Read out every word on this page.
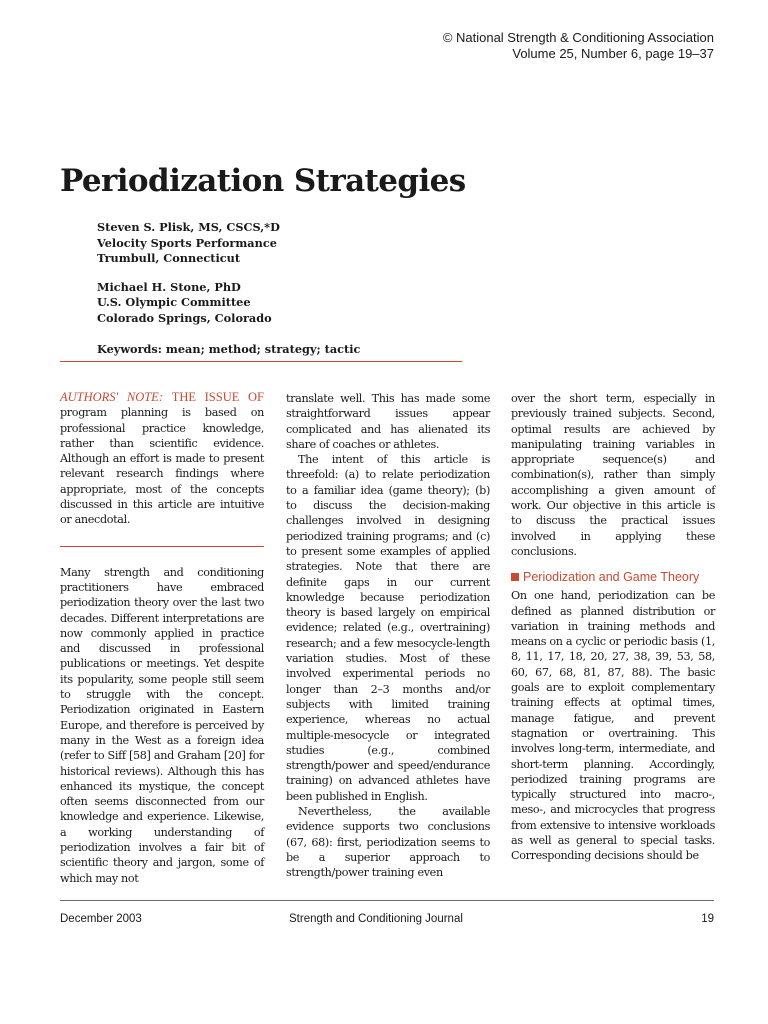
© National Strength & Conditioning Association
Volume 25, Number 6, page 19–37
Periodization Strategies
Steven S. Plisk, MS, CSCS,*D
Velocity Sports Performance
Trumbull, Connecticut
Michael H. Stone, PhD
U.S. Olympic Committee
Colorado Springs, Colorado
Keywords: mean; method; strategy; tactic

AUTHORS' NOTE: THE ISSUE OF program planning is based on professional practice knowledge, rather than scientific evidence. Although an effort is made to present relevant research findings where appropriate, most of the concepts discussed in this article are intuitive or anecdotal.

Many strength and conditioning practitioners have embraced periodization theory over the last two decades. Different interpretations are now commonly applied in practice and discussed in professional publications or meetings. Yet despite its popularity, some people still seem to struggle with the concept. Periodization originated in Eastern Europe, and therefore is perceived by many in the West as a foreign idea (refer to Siff [58] and Graham [20] for historical reviews). Although this has enhanced its mystique, the concept often seems disconnected from our knowledge and experience. Likewise, a working understanding of periodization involves a fair bit of scientific theory and jargon, some of which may not

translate well. This has made some straightforward issues appear complicated and has alienated its share of coaches or athletes.

The intent of this article is threefold: (a) to relate periodization to a familiar idea (game theory); (b) to discuss the decision-making challenges involved in designing periodized training programs; and (c) to present some examples of applied strategies. Note that there are definite gaps in our current knowledge because periodization theory is based largely on empirical evidence; related (e.g., overtraining) research; and a few mesocycle-length variation studies. Most of these involved experimental periods no longer than 2–3 months and/or subjects with limited training experience, whereas no actual multiple-mesocycle or integrated studies (e.g., combined strength/power and speed/endurance training) on advanced athletes have been published in English.

Nevertheless, the available evidence supports two conclusions (67, 68): first, periodization seems to be a superior approach to strength/power training even

over the short term, especially in previously trained subjects. Second, optimal results are achieved by manipulating training variables in appropriate sequence(s) and combination(s), rather than simply accomplishing a given amount of work. Our objective in this article is to discuss the practical issues involved in applying these conclusions.

Periodization and Game Theory

On one hand, periodization can be defined as planned distribution or variation in training methods and means on a cyclic or periodic basis (1, 8, 11, 17, 18, 20, 27, 38, 39, 53, 58, 60, 67, 68, 81, 87, 88). The basic goals are to exploit complementary training effects at optimal times, manage fatigue, and prevent stagnation or overtraining. This involves long-term, intermediate, and short-term planning. Accordingly, periodized training programs are typically structured into macro-, meso-, and microcycles that progress from extensive to intensive workloads as well as general to special tasks. Corresponding decisions should be

December 2003	Strength and Conditioning Journal	19
